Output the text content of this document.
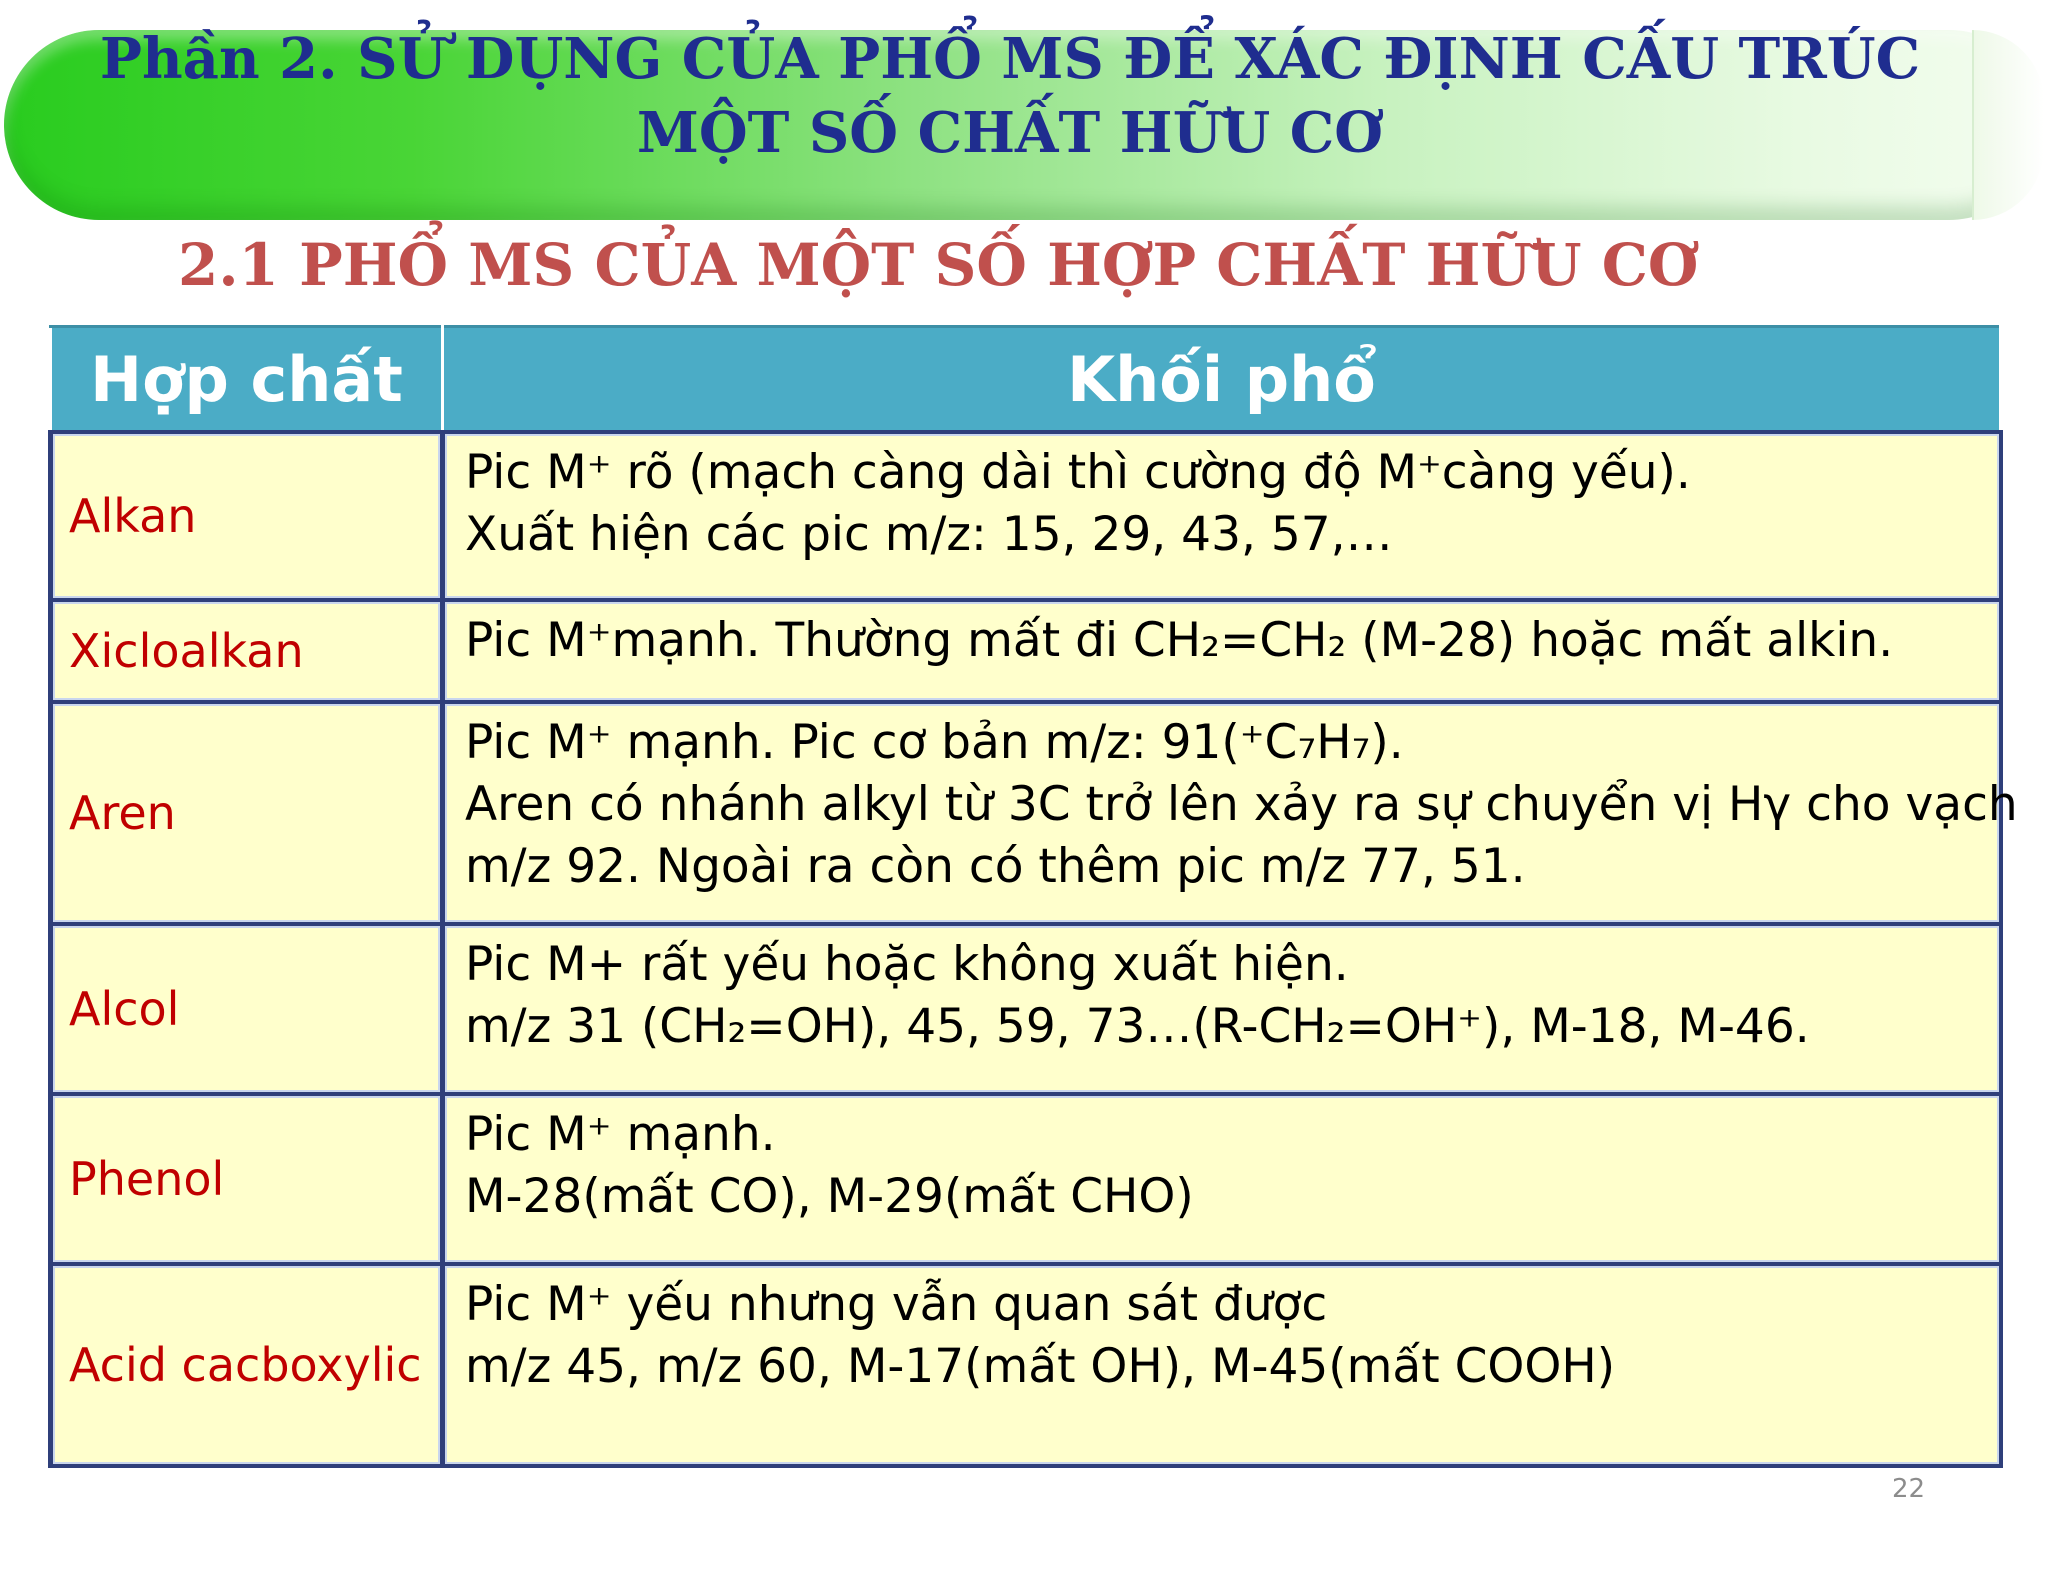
Phần 2. SỬ DỤNG CỦA PHỔ MS ĐỂ XÁC ĐỊNH CẤU TRÚC
MỘT SỐ CHẤT HỮU CƠ
2.1 PHỔ MS CỦA MỘT SỐ HỢP CHẤT HỮU CƠ
Hợp chất	Khối phổ
Alkan	Pic M⁺ rõ (mạch càng dài thì cường độ M⁺càng yếu).
Xuất hiện các pic m/z: 15, 29, 43, 57,…

Xicloalkan	Pic M⁺mạnh. Thường mất đi CH₂=CH₂ (M-28) hoặc mất alkin.

Aren	Pic M⁺ mạnh. Pic cơ bản m/z: 91(⁺C₇H₇).
Aren có nhánh alkyl từ 3C trở lên xảy ra sự chuyển vị Hγ cho vạch
m/z 92. Ngoài ra còn có thêm pic m/z 77, 51.

Alcol	Pic M+ rất yếu hoặc không xuất hiện.
m/z 31 (CH₂=OH), 45, 59, 73…(R-CH₂=OH⁺), M-18, M-46.

Phenol	Pic M⁺ mạnh.
M-28(mất CO), M-29(mất CHO)

Acid cacboxylic	Pic M⁺ yếu nhưng vẫn quan sát được
m/z 45, m/z 60, M-17(mất OH), M-45(mất COOH)
22
